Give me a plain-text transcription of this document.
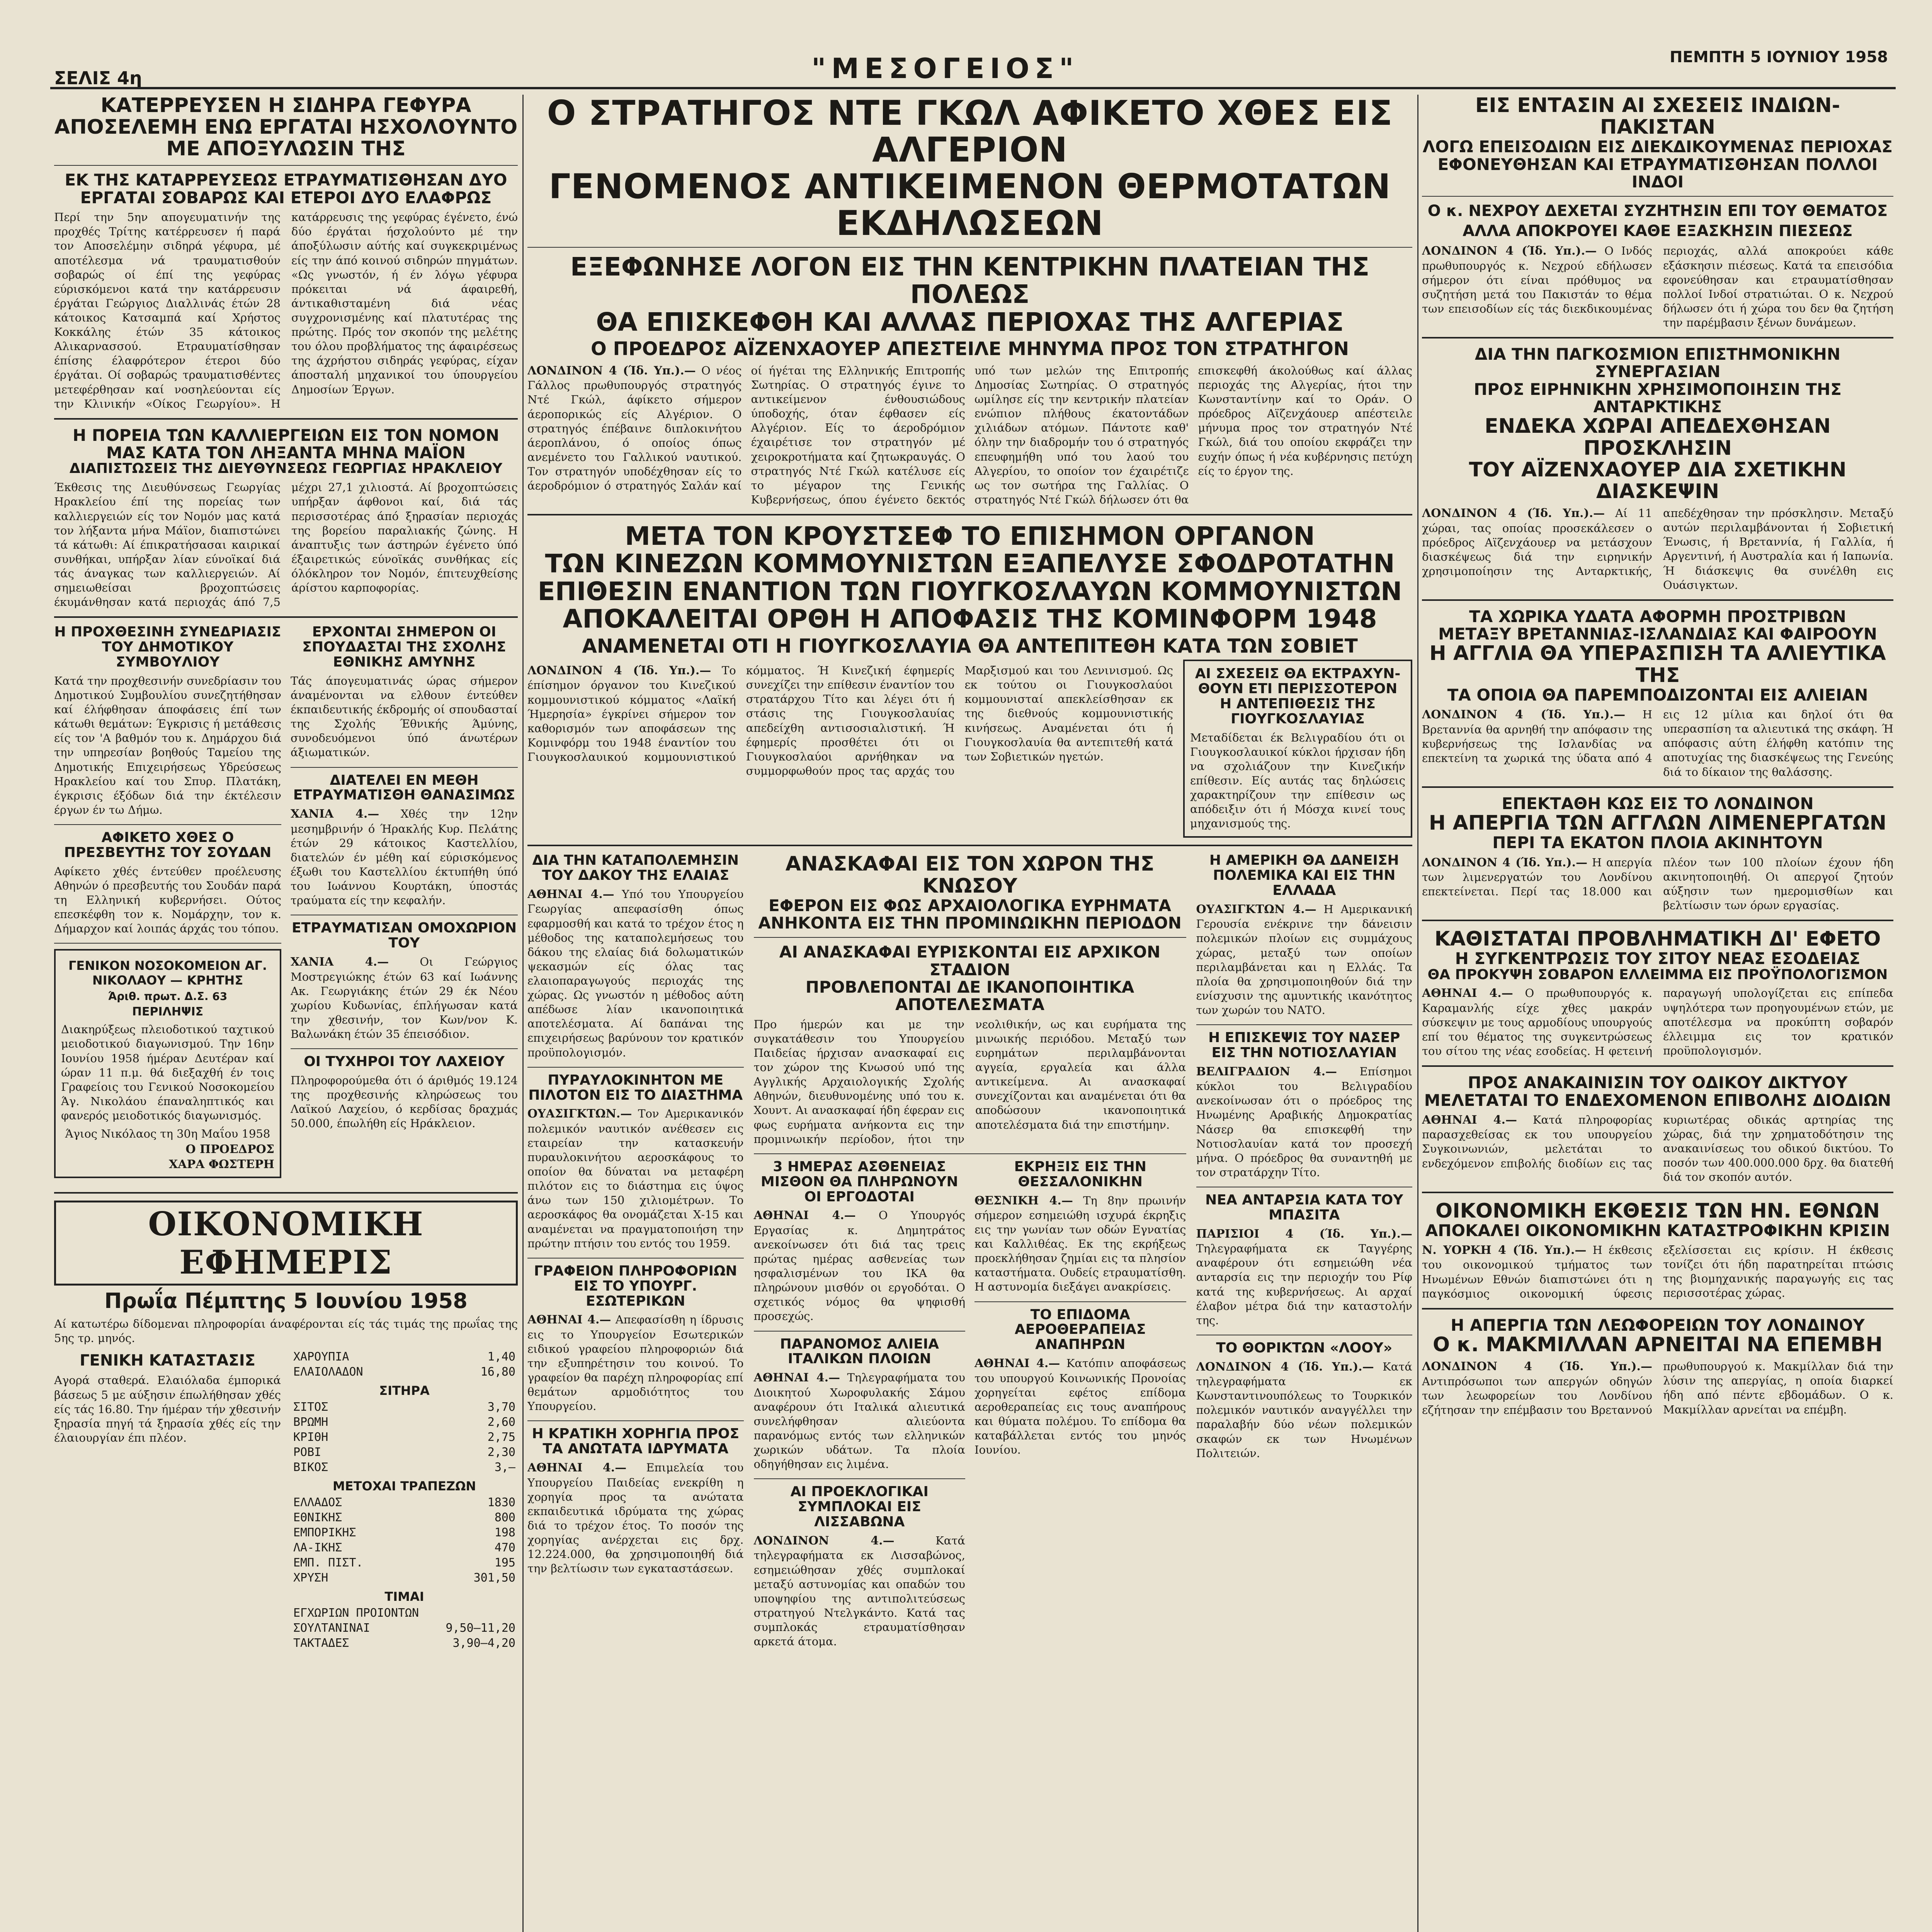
ΣΕΛΙΣ 4η	"ΜΕΣΟΓΕΙΟΣ"	ΠΕΜΠΤΗ 5 ΙΟΥΝΙΟΥ 1958
ΚΑΤΕΡΡΕΥΣΕΝ Η ΣΙΔΗΡΑ ΓΕΦΥΡΑ ΑΠΟΣΕΛΕΜΗ ΕΝΩ ΕΡΓΑΤΑΙ ΗΣΧΟΛΟΥΝΤΟ ΜΕ ΑΠΟΞΥΛΩΣΙΝ ΤΗΣ
ΕΚ ΤΗΣ ΚΑΤΑΡΡΕΥΣΕΩΣ ΕΤΡΑΥΜΑΤΙΣΘΗΣΑΝ ΔΥΟ ΕΡΓΑΤΑΙ ΣΟΒΑΡΩΣ ΚΑΙ ΕΤΕΡΟΙ ΔΥΟ ΕΛΑΦΡΩΣ
Περί την 5ην απογευματινήν της προχθές Τρίτης κατέρρευσεν ή παρά τον Αποσελέμην σιδηρά γέφυρα, μέ αποτέλεσμα νά τραυματισθούν σοβαρώς οί έπί της γεφύρας εύρισκόμενοι κατά την κατάρρευσιν έργάται Γεώργιος Διαλλινάς έτών 28 κάτοικος Κατσαμπά καί Χρήστος Κοκκάλης έτών 35 κάτοικος Αλικαρνασσού. Ετραυματίσθησαν έπίσης έλαφρότερον έτεροι δύο έργάται. Οί σοβαρώς τραυματισθέντες μετεφέρθησαν καί νοσηλεύονται είς την Κλινικήν «Οίκος Γεωργίου». Η κατάρρευσις της γεφύρας έγένετο, ένώ δύο έργάται ήσχολούντο μέ την άποξύλωσιν αύτής καί συγκεκριμένως είς την άπό κοινού σιδηρών πηγμάτων. «Ως γνωστόν, ή έν λόγω γέφυρα πρόκειται νά άφαιρεθή, άντικαθισταμένη διά νέας συγχρονισμένης καί πλατυτέρας της πρώτης. Πρός τον σκοπόν της μελέτης του όλου προβλήματος της άφαιρέσεως της άχρήστου σιδηράς γεφύρας, είχαν άποσταλή μηχανικοί του ύπουργείου Δημοσίων Έργων.
Η ΠΟΡΕΙΑ ΤΩΝ ΚΑΛΛΙΕΡΓΕΙΩΝ ΕΙΣ ΤΟΝ ΝΟΜΟΝ ΜΑΣ ΚΑΤΑ ΤΟΝ ΛΗΞΑΝΤΑ ΜΗΝΑ ΜΑΪΟΝ
ΔΙΑΠΙΣΤΩΣΕΙΣ ΤΗΣ ΔΙΕΥΘΥΝΣΕΩΣ ΓΕΩΡΓΙΑΣ ΗΡΑΚΛΕΙΟΥ
Έκθεσις της Διευθύνσεως Γεωργίας Ηρακλείου έπί της πορείας των καλλιεργειών είς τον Νομόν μας κατά τον λήξαντα μήνα Μάϊον, διαπιστώνει τά κάτωθι: Αί έπικρατήσασαι καιρικαί συνθήκαι, υπήρξαν λίαν εύνοϊκαί διά τάς άναγκας των καλλιεργειών. Αί σημειωθείσαι βροχοπτώσεις έκυμάνθησαν κατά περιοχάς άπό 7,5 μέχρι 27,1 χιλιοστά. Αί βροχοπτώσεις υπήρξαν άφθονοι καί, διά τάς περισσοτέρας άπό ξηρασίαν περιοχάς της βορείου παραλιακής ζώνης. Η άναπτυξις των άστηρών έγένετο ύπό έξαιρετικώς εύνοϊκάς συνθήκας είς όλόκληρον τον Νομόν, έπιτευχθείσης άρίστου καρποφορίας.
Η ΠΡΟΧΘΕΣΙΝΗ ΣΥΝΕΔΡΙΑΣΙΣ ΤΟΥ ΔΗΜΟΤΙΚΟΥ ΣΥΜΒΟΥΛΙΟΥ
Κατά την προχθεσινήν συνεδρίασιν του Δημοτικού Συμβουλίου συνεζητήθησαν καί έλήφθησαν άποφάσεις έπί των κάτωθι θεμάτων: Έγκρισις ή μετάθεσις είς τον 'Α βαθμόν του κ. Δημάρχου διά την υπηρεσίαν βοηθούς Ταμείου της Δημοτικής Επιχειρήσεως Υδρεύσεως Ηρακλείου καί του Σπυρ. Πλατάκη, έγκρισις έξόδων διά την έκτέλεσιν έργων έν τω Δήμω.
ΑΦΙΚΕΤΟ ΧΘΕΣ Ο ΠΡΕΣΒΕΥΤΗΣ ΤΟΥ ΣΟΥΔΑΝ
Αφίκετο χθές έντεύθεν προέλευσης Αθηνών ό πρεσβευτής του Σουδάν παρά τη Ελληνική κυβερνήσει. Ούτος επεσκέφθη τον κ. Νομάρχην, τον κ. Δήμαρχον καί λοιπάς άρχάς του τόπου.
ΓΕΝΙΚΟΝ ΝΟΣΟΚΟΜΕΙΟΝ ΑΓ. ΝΙΚΟΛΑΟΥ — ΚΡΗΤΗΣ
Άριθ. πρωτ. Δ.Σ. 63
ΠΕΡΙΛΗΨΙΣ
Διακηρύξεως πλειοδοτικού ταχτικού μειοδοτικού διαγωνισμού. Την 16ην Ιουνίου 1958 ήμέραν Δευτέραν καί ώραν 11 π.μ. θά διεξαχθή έν τοις Γραφείοις του Γενικού Νοσοκομείου Άγ. Νικολάου έπαναληπτικός και φανερός μειοδοτικός διαγωνισμός.
Άγιος Νικόλαος τη 30η Μαΐου 1958
Ο ΠΡΟΕΔΡΟΣ
ΧΑΡΑ ΦΩΣΤΕΡΗ
ΕΡΧΟΝΤΑΙ ΣΗΜΕΡΟΝ ΟΙ ΣΠΟΥΔΑΣΤΑΙ ΤΗΣ ΣΧΟΛΗΣ ΕΘΝΙΚΗΣ ΑΜΥΝΗΣ
Τάς άπογευματινάς ώρας σήμερον άναμένονται να ελθουν έντεύθεν έκπαιδευτικής έκδρομής οί σπουδασταί της Σχολής Έθνικής Άμύνης, συνοδευόμενοι ύπό άνωτέρων άξιωματικών.
ΔΙΑΤΕΛΕΙ ΕΝ ΜΕΘΗ ΕΤΡΑΥΜΑΤΙΣΘΗ ΘΑΝΑΣΙΜΩΣ
ΧΑΝΙΑ 4.— Χθές την 12ην μεσημβρινήν ό Ήρακλής Κυρ. Πελάτης έτών 29 κάτοικος Καστελλίου, διατελών έν μέθη καί εύρισκόμενος έξωθι του Καστελλίου έκτυπήθη ύπό του Ιωάννου Κουρτάκη, ύποστάς τραύματα είς την κεφαλήν.
ΕΤΡΑΥΜΑΤΙΣΑΝ ΟΜΟΧΩΡΙΟΝ ΤΟΥ
ΧΑΝΙΑ 4.—	Οι Γεώργιος Μοστρεγιώκης έτών 63 καί Ιωάννης Ακ. Γεωργιάκης έτών 29 έκ Νέου χωρίου Κυδωνίας, έπλήγωσαν κατά την χθεσινήν, τον Κων/νον Κ. Βαλωνάκη έτών 35 έπεισόδιον.
ΟΙ ΤΥΧΗΡΟΙ ΤΟΥ ΛΑΧΕΙΟΥ
Πληροφορούμεθα ότι ό άριθμός 19.124 της προχθεσινής κληρώσεως του Λαϊκού Λαχείου, ό κερδίσας δραχμάς 50.000, έπωλήθη είς Ηράκλειον.
ΟΙΚΟΝΟΜΙΚΗ ΕΦΗΜΕΡΙΣ
Πρωΐα Πέμπτης 5 Ιουνίου 1958
Αί κατωτέρω δίδομεναι πληροφορίαι άναφέρονται είς τάς τιμάς της πρωΐας της 5ης τρ. μηνός.
ΓΕΝΙΚΗ ΚΑΤΑΣΤΑΣΙΣ
Αγορά σταθερά. Ελαιόλαδα έμπορικά βάσεως 5 με αύξησιν έπωλήθησαν χθές είς τάς 16.80. Την ήμέραν τήν χθεσινήν ξηρασία πηγή τά ξηρασία χθές είς την έλαιουργίαν έπι πλέον.
ΧΑΡΟΥΠΙΑ	1,40
ΕΛΑΙΟΛΑΔΟΝ	16,80
ΣΙΤΗΡΑ
ΣΙΤΟΣ	3,70
ΒΡΩΜΗ	2,60
ΚΡΙΘΗ	2,75
ΡΟΒΙ	2,30
ΒΙΚΟΣ	3,—
ΜΕΤΟΧΑΙ ΤΡΑΠΕΖΩΝ
ΕΛΛΑΔΟΣ	1830
ΕΘΝΙΚΗΣ	800
ΕΜΠΟΡΙΚΗΣ	198
ΛΑ-ΙΚΗΣ	470
ΕΜΠ. ΠΙΣΤ.	195
ΧΡΥΣΗ	301,50
ΤΙΜΑΙ
ΕΓΧΩΡΙΩΝ ΠΡΟΙΟΝΤΩΝ	
ΣΟΥΛΤΑΝΙΝΑΙ	9,50—11,20
ΤΑΚΤΑΔΕΣ	3,90—4,20
Ο ΣΤΡΑΤΗΓΟΣ ΝΤΕ ΓΚΩΛ ΑΦΙΚΕΤΟ ΧΘΕΣ ΕΙΣ ΑΛΓΕΡΙΟΝ
ΓΕΝΟΜΕΝΟΣ ΑΝΤΙΚΕΙΜΕΝΟΝ ΘΕΡΜΟΤΑΤΩΝ ΕΚΔΗΛΩΣΕΩΝ
ΕΞΕΦΩΝΗΣΕ ΛΟΓΟΝ ΕΙΣ ΤΗΝ ΚΕΝΤΡΙΚΗΝ ΠΛΑΤΕΙΑΝ ΤΗΣ ΠΟΛΕΩΣ
ΘΑ ΕΠΙΣΚΕΦΘΗ ΚΑΙ ΑΛΛΑΣ ΠΕΡΙΟΧΑΣ ΤΗΣ ΑΛΓΕΡΙΑΣ
Ο ΠΡΟΕΔΡΟΣ ΑΪΖΕΝΧΑΟΥΕΡ ΑΠΕΣΤΕΙΛΕ ΜΗΝΥΜΑ ΠΡΟΣ ΤΟΝ ΣΤΡΑΤΗΓΟΝ
ΛΟΝΔΙΝΟΝ 4 (Ίδ. Υπ.).— Ο νέος Γάλλος πρωθυπουργός στρατηγός Ντέ Γκώλ, άφίκετο σήμερον άεροπορικώς είς Αλγέριον. Ο στρατηγός έπέβαινε διπλοκινήτου άεροπλάνου, ό οποίος όπως ανεμένετο του Γαλλικού ναυτικού. Τον στρατηγόν υποδέχθησαν είς το άεροδρόμιον ό στρατηγός Σαλάν καί οί ήγέται της Ελληνικής Επιτροπής Σωτηρίας. Ο στρατηγός έγινε το αντικείμενον ένθουσιώδους ύποδοχής, όταν έφθασεν είς Αλγέριον. Είς το άεροδρόμιον έχαιρέτισε τον στρατηγόν μέ χειροκροτήματα καί ζητωκραυγάς. Ο στρατηγός Ντέ Γκώλ κατέλυσε είς το μέγαρον της Γενικής Κυβερνήσεως, όπου έγένετο δεκτός υπό των μελών της Επιτροπής Δημοσίας Σωτηρίας. Ο στρατηγός ωμίλησε είς την κεντρικήν πλατείαν ενώπιον πλήθους έκατοντάδων χιλιάδων ατόμων. Πάντοτε καθ' όλην την διαδρομήν του ό στρατηγός επευφημήθη υπό του λαού του Αλγερίου, το οποίον τον έχαιρέτιζε ως τον σωτήρα της Γαλλίας. Ο στρατηγός Ντέ Γκώλ δήλωσεν ότι θα επισκεφθή άκολούθως καί άλλας περιοχάς της Αλγερίας, ήτοι την Κωνσταντίνην καί το Οράν. Ο πρόεδρος Αϊζενχάουερ απέστειλε μήνυμα προς τον στρατηγόν Ντέ Γκώλ, διά του οποίου εκφράζει την ευχήν όπως ή νέα κυβέρνησις πετύχη είς το έργον της.
ΜΕΤΑ ΤΟΝ ΚΡΟΥΣΤΣΕΦ ΤΟ ΕΠΙΣΗΜΟΝ ΟΡΓΑΝΟΝ
ΤΩΝ ΚΙΝΕΖΩΝ ΚΟΜΜΟΥΝΙΣΤΩΝ ΕΞΑΠΕΛΥΣΕ ΣΦΟΔΡΟΤΑΤΗΝ
ΕΠΙΘΕΣΙΝ ΕΝΑΝΤΙΟΝ ΤΩΝ ΓΙΟΥΓΚΟΣΛΑΥΩΝ ΚΟΜΜΟΥΝΙΣΤΩΝ
ΑΠΟΚΑΛΕΙΤΑΙ ΟΡΘΗ Η ΑΠΟΦΑΣΙΣ ΤΗΣ ΚΟΜΙΝΦΟΡΜ 1948
ΑΝΑΜΕΝΕΤΑΙ ΟΤΙ Η ΓΙΟΥΓΚΟΣΛΑΥΙΑ ΘΑ ΑΝΤΕΠΙΤΕΘΗ ΚΑΤΑ ΤΩΝ ΣΟΒΙΕΤ
ΛΟΝΔΙΝΟΝ 4 (Ίδ. Υπ.).— Το έπίσημον όργανον του Κινεζικού κομμουνιστικού κόμματος «Λαϊκή Ήμερησία» έγκρίνει σήμερον τον καθορισμόν των αποφάσεων της Κομινφόρμ του 1948 έναντίον του Γιουγκοσλαυικού κομμουνιστικού κόμματος. Ή Κινεζική έφημερίς συνεχίζει την επίθεσιν έναντίον του στρατάρχου Τίτο και λέγει ότι ή στάσις της Γιουγκοσλαυίας απεδείχθη αντισοσιαλιστική. Ή έφημερίς προσθέτει ότι οι Γιουγκοσλαύοι αρνήθηκαν να συμμορφωθούν προς τας αρχάς του Μαρξισμού και του Λενινισμού. Ως εκ τούτου οι Γιουγκοσλαύοι κομμουνισταί απεκλείσθησαν εκ της διεθνούς κομμουνιστικής κινήσεως. Αναμένεται ότι ή Γιουγκοσλαυία θα αντεπιτεθή κατά των Σοβιετικών ηγετών.
ΑΙ ΣΧΕΣΕΙΣ ΘΑ ΕΚΤΡΑΧΥΝ- ΘΟΥΝ ΕΤΙ ΠΕΡΙΣΣΟΤΕΡΟΝ
Η ΑΝΤΕΠΙΘΕΣΙΣ ΤΗΣ ΓΙΟΥΓΚΟΣΛΑΥΙΑΣ
Μεταδίδεται έκ Βελιγραδίου ότι οι Γιουγκοσλαυικοί κύκλοι ήρχισαν ήδη να σχολιάζουν την Κινεζικήν επίθεσιν. Είς αυτάς τας δηλώσεις χαρακτηρίζουν την επίθεσιν ως απόδειξιν ότι ή Μόσχα κινεί τους μηχανισμούς της.
ΔΙΑ ΤΗΝ ΚΑΤΑΠΟΛΕΜΗΣΙΝ ΤΟΥ ΔΑΚΟΥ ΤΗΣ ΕΛΑΙΑΣ
ΑΘΗΝΑΙ 4.— Υπό του Υπουργείου Γεωργίας απεφασίσθη όπως εφαρμοσθή και κατά το τρέχον έτος η μέθοδος της καταπολεμήσεως του δάκου της ελαίας διά δολωματικών ψεκασμών είς όλας τας ελαιοπαραγωγούς περιοχάς της χώρας. Ως γνωστόν η μέθοδος αύτη απέδωσε λίαν ικανοποιητικά αποτελέσματα. Αί δαπάναι της επιχειρήσεως βαρύνουν τον κρατικόν προϋπολογισμόν.
ΠΥΡΑΥΛΟΚΙΝΗΤΟΝ ΜΕ ΠΙΛΟΤΟΝ ΕΙΣ ΤΟ ΔΙΑΣΤΗΜΑ
ΟΥΑΣΙΓΚΤΩΝ.— Τον Αμερικανικόν πολεμικόν ναυτικόν ανέθεσεν εις εταιρείαν την κατασκευήν πυραυλοκινήτου αεροσκάφους το οποίον θα δύναται να μεταφέρη πιλότον εις το διάστημα εις ύψος άνω των 150 χιλιομέτρων. Το αεροσκάφος θα ονομάζεται Χ-15 και αναμένεται να πραγματοποιήση την πρώτην πτήσιν του εντός του 1959.
ΓΡΑΦΕΙΟΝ ΠΛΗΡΟΦΟΡΙΩΝ ΕΙΣ ΤΟ ΥΠΟΥΡΓ. ΕΣΩΤΕΡΙΚΩΝ
ΑΘΗΝΑΙ 4.— Απεφασίσθη η ίδρυσις εις το Υπουργείον Εσωτερικών ειδικού γραφείου πληροφοριών διά την εξυπηρέτησιν του κοινού. Το γραφείον θα παρέχη πληροφορίας επί θεμάτων αρμοδιότητος του Υπουργείου.
Η ΚΡΑΤΙΚΗ ΧΟΡΗΓΙΑ ΠΡΟΣ ΤΑ ΑΝΩΤΑΤΑ ΙΔΡΥΜΑΤΑ
ΑΘΗΝΑΙ 4.— Επιμελεία του Υπουργείου Παιδείας ενεκρίθη η χορηγία προς τα ανώτατα εκπαιδευτικά ιδρύματα της χώρας διά το τρέχον έτος. Το ποσόν της χορηγίας ανέρχεται εις δρχ. 12.224.000, θα χρησιμοποιηθή διά την βελτίωσιν των εγκαταστάσεων.
ΑΝΑΣΚΑΦΑΙ ΕΙΣ ΤΟΝ ΧΩΡΟΝ ΤΗΣ ΚΝΩΣΟΥ
ΕΦΕΡΟΝ ΕΙΣ ΦΩΣ ΑΡΧΑΙΟΛΟΓΙΚΑ ΕΥΡΗΜΑΤΑ
ΑΝΗΚΟΝΤΑ ΕΙΣ ΤΗΝ ΠΡΟΜΙΝΩΙΚΗΝ ΠΕΡΙΟΔΟΝ
ΑΙ ΑΝΑΣΚΑΦΑΙ ΕΥΡΙΣΚΟΝΤΑΙ ΕΙΣ ΑΡΧΙΚΟΝ ΣΤΑΔΙΟΝ
ΠΡΟΒΛΕΠΟΝΤΑΙ ΔΕ ΙΚΑΝΟΠΟΙΗΤΙΚΑ ΑΠΟΤΕΛΕΣΜΑΤΑ
Προ ήμερών και με την συγκατάθεσιν του Υπουργείου Παιδείας ήρχισαν ανασκαφαί εις τον χώρον της Κνωσού υπό της Αγγλικής Αρχαιολογικής Σχολής Αθηνών, διευθυνομένης υπό του κ. Χουντ. Αι ανασκαφαί ήδη έφεραν εις φως ευρήματα ανήκοντα εις την προμινωικήν περίοδον, ήτοι την νεολιθικήν, ως και ευρήματα της μινωικής περιόδου. Μεταξύ των ευρημάτων περιλαμβάνονται αγγεία, εργαλεία και άλλα αντικείμενα. Αι ανασκαφαί συνεχίζονται και αναμένεται ότι θα αποδώσουν ικανοποιητικά αποτελέσματα διά την επιστήμην.
3 ΗΜΕΡΑΣ ΑΣΘΕΝΕΙΑΣ ΜΙΣΘΟΝ ΘΑ ΠΛΗΡΩΝΟΥΝ ΟΙ ΕΡΓΟΔΟΤΑΙ
ΑΘΗΝΑΙ 4.— Ο Υπουργός Εργασίας κ. Δημητράτος ανεκοίνωσεν ότι διά τας τρεις πρώτας ημέρας ασθενείας των ησφαλισμένων του ΙΚΑ θα πληρώνουν μισθόν οι εργοδόται. Ο σχετικός νόμος θα ψηφισθή προσεχώς.
ΠΑΡΑΝΟΜΟΣ ΑΛΙΕΙΑ ΙΤΑΛΙΚΩΝ ΠΛΟΙΩΝ
ΑΘΗΝΑΙ 4.— Τηλεγραφήματα του Διοικητού Χωροφυλακής Σάμου αναφέρουν ότι Ιταλικά αλιευτικά συνελήφθησαν αλιεύοντα παρανόμως εντός των ελληνικών χωρικών υδάτων. Τα πλοία οδηγήθησαν εις λιμένα.
ΑΙ ΠΡΟΕΚΛΟΓΙΚΑΙ ΣΥΜΠΛΟΚΑΙ ΕΙΣ ΛΙΣΣΑΒΩΝΑ
ΛΟΝΔΙΝΟΝ 4.—	Κατά τηλεγραφήματα εκ Λισσαβώνος, εσημειώθησαν χθές συμπλοκαί μεταξύ αστυνομίας και οπαδών του υποψηφίου της αντιπολιτεύσεως στρατηγού Ντελγκάντο. Κατά τας συμπλοκάς ετραυματίσθησαν αρκετά άτομα.
ΕΚΡΗΞΙΣ ΕΙΣ ΤΗΝ ΘΕΣΣΑΛΟΝΙΚΗΝ
ΘΕΣΝΙΚΗ 4.— Τη 8ην πρωινήν σήμερον εσημειώθη ισχυρά έκρηξις εις την γωνίαν των οδών Εγνατίας και Καλλιθέας. Εκ της εκρήξεως προεκλήθησαν ζημίαι εις τα πλησίον καταστήματα. Ουδείς ετραυματίσθη. Η αστυνομία διεξάγει ανακρίσεις.
ΤΟ ΕΠΙΔΟΜΑ ΑΕΡΟΘΕΡΑΠΕΙΑΣ ΑΝΑΠΗΡΩΝ
ΑΘΗΝΑΙ 4.— Κατόπιν αποφάσεως του υπουργού Κοινωνικής Προνοίας χορηγείται εφέτος επίδομα αεροθεραπείας εις τους αναπήρους και θύματα πολέμου. Το επίδομα θα καταβάλλεται εντός του μηνός Ιουνίου.
Η ΑΜΕΡΙΚΗ ΘΑ ΔΑΝΕΙΣΗ ΠΟΛΕΜΙΚΑ ΚΑΙ ΕΙΣ ΤΗΝ ΕΛΛΑΔΑ
ΟΥΑΣΙΓΚΤΩΝ 4.— Η Αμερικανική Γερουσία ενέκρινε την δάνεισιν πολεμικών πλοίων εις συμμάχους χώρας, μεταξύ των οποίων περιλαμβάνεται και η Ελλάς. Τα πλοία θα χρησιμοποιηθούν διά την ενίσχυσιν της αμυντικής ικανότητος των χωρών του ΝΑΤΟ.
Η ΕΠΙΣΚΕΨΙΣ ΤΟΥ ΝΑΣΕΡ ΕΙΣ ΤΗΝ ΝΟΤΙΟΣΛΑΥΙΑΝ
ΒΕΛΙΓΡΑΔΙΟΝ 4.— Επίσημοι κύκλοι του Βελιγραδίου ανεκοίνωσαν ότι ο πρόεδρος της Ηνωμένης Αραβικής Δημοκρατίας Νάσερ θα επισκεφθή την Νοτιοσλαυίαν κατά τον προσεχή μήνα. Ο πρόεδρος θα συναντηθή με τον στρατάρχην Τίτο.
ΝΕΑ ΑΝΤΑΡΣΙΑ ΚΑΤΑ ΤΟΥ ΜΠΑΣΙΤΑ
ΠΑΡΙΣΙΟΙ 4 (Ίδ. Υπ.).— Τηλεγραφήματα εκ Ταγγέρης αναφέρουν ότι εσημειώθη νέα ανταρσία εις την περιοχήν του Ρίφ κατά της κυβερνήσεως. Αι αρχαί έλαβον μέτρα διά την καταστολήν της.
ΤΟ ΘΟΡΙΚΤΩΝ «ΛΟΟΥ»
ΛΟΝΔΙΝΟΝ 4 (Ίδ. Υπ.).— Κατά τηλεγραφήματα εκ Κωνσταντινουπόλεως το Τουρκικόν πολεμικόν ναυτικόν αναγγέλλει την παραλαβήν δύο νέων πολεμικών σκαφών εκ των Ηνωμένων Πολιτειών.
ΕΙΣ ΕΝΤΑΣΙΝ ΑΙ ΣΧΕΣΕΙΣ ΙΝΔΙΩΝ-ΠΑΚΙΣΤΑΝ
ΛΟΓΩ ΕΠΕΙΣΟΔΙΩΝ ΕΙΣ ΔΙΕΚΔΙΚΟΥΜΕΝΑΣ ΠΕΡΙΟΧΑΣ
ΕΦΟΝΕΥΘΗΣΑΝ ΚΑΙ ΕΤΡΑΥΜΑΤΙΣΘΗΣΑΝ ΠΟΛΛΟΙ ΙΝΔΟΙ
Ο κ. ΝΕΧΡΟΥ ΔΕΧΕΤΑΙ ΣΥΖΗΤΗΣΙΝ ΕΠΙ ΤΟΥ ΘΕΜΑΤΟΣ
ΑΛΛΑ ΑΠΟΚΡΟΥΕΙ ΚΑΘΕ ΕΞΑΣΚΗΣΙΝ ΠΙΕΣΕΩΣ
ΛΟΝΔΙΝΟΝ 4 (Ίδ. Υπ.).— Ο Ινδός πρωθυπουργός κ. Νεχρού εδήλωσεν σήμερον ότι είναι πρόθυμος να συζητήση μετά του Πακιστάν το θέμα των επεισοδίων είς τάς διεκδικουμένας περιοχάς, αλλά αποκρούει κάθε εξάσκησιν πιέσεως. Κατά τα επεισόδια εφονεύθησαν και ετραυματίσθησαν πολλοί Ινδοί στρατιώται. Ο κ. Νεχρού δήλωσεν ότι ή χώρα του δεν θα ζητήση την παρέμβασιν ξένων δυνάμεων.
ΔΙΑ ΤΗΝ ΠΑΓΚΟΣΜΙΟΝ ΕΠΙΣΤΗΜΟΝΙΚΗΝ ΣΥΝΕΡΓΑΣΙΑΝ
ΠΡΟΣ ΕΙΡΗΝΙΚΗΝ ΧΡΗΣΙΜΟΠΟΙΗΣΙΝ ΤΗΣ ΑΝΤΑΡΚΤΙΚΗΣ
ΕΝΔΕΚΑ ΧΩΡΑΙ ΑΠΕΔΕΧΘΗΣΑΝ ΠΡΟΣΚΛΗΣΙΝ
ΤΟΥ ΑΪΖΕΝΧΑΟΥΕΡ ΔΙΑ ΣΧΕΤΙΚΗΝ ΔΙΑΣΚΕΨΙΝ
ΛΟΝΔΙΝΟΝ 4 (Ίδ. Υπ.).— Αί 11 χώραι, τας οποίας προσεκάλεσεν ο πρόεδρος Αϊζενχάουερ να μετάσχουν διασκέψεως διά την ειρηνικήν χρησιμοποίησιν της Ανταρκτικής, απεδέχθησαν την πρόσκλησιν. Μεταξύ αυτών περιλαμβάνονται ή Σοβιετική Ένωσις, ή Βρεταννία, ή Γαλλία, ή Αργεντινή, ή Αυστραλία και ή Ιαπωνία. Ή διάσκεψις θα συνέλθη εις Ουάσιγκτων.
ΤΑ ΧΩΡΙΚΑ ΥΔΑΤΑ ΑΦΟΡΜΗ ΠΡΟΣΤΡΙΒΩΝ
ΜΕΤΑΞΥ ΒΡΕΤΑΝΝΙΑΣ-ΙΣΛΑΝΔΙΑΣ ΚΑΙ ΦΑΙΡΟΟΥΝ
Η ΑΓΓΛΙΑ ΘΑ ΥΠΕΡΑΣΠΙΣΗ ΤΑ ΑΛΙΕΥΤΙΚΑ ΤΗΣ
ΤΑ ΟΠΟΙΑ ΘΑ ΠΑΡΕΜΠΟΔΙΖΟΝΤΑΙ ΕΙΣ ΑΛΙΕΙΑΝ
ΛΟΝΔΙΝΟΝ 4 (Ίδ. Υπ.).— Η Βρεταννία θα αρνηθή την απόφασιν της κυβερνήσεως της Ισλανδίας να επεκτείνη τα χωρικά της ύδατα από 4 εις 12 μίλια και δηλοί ότι θα υπερασπίση τα αλιευτικά της σκάφη. Ή απόφασις αύτη έλήφθη κατόπιν της αποτυχίας της διασκέψεως της Γενεύης διά το δίκαιον της θαλάσσης.
ΕΠΕΚΤΑΘΗ ΚΩΣ ΕΙΣ ΤΟ ΛΟΝΔΙΝΟΝ
Η ΑΠΕΡΓΙΑ ΤΩΝ ΑΓΓΛΩΝ ΛΙΜΕΝΕΡΓΑΤΩΝ
ΠΕΡΙ ΤΑ ΕΚΑΤΟΝ ΠΛΟΙΑ ΑΚΙΝΗΤΟΥΝ
ΛΟΝΔΙΝΟΝ 4 (Ίδ. Υπ.).— Η απεργία των λιμενεργατών του Λονδίνου επεκτείνεται. Περί τας 18.000 και πλέον των 100 πλοίων έχουν ήδη ακινητοποιηθή. Οι απεργοί ζητούν αύξησιν των ημερομισθίων και βελτίωσιν των όρων εργασίας.
ΚΑΘΙΣΤΑΤΑΙ ΠΡΟΒΛΗΜΑΤΙΚΗ ΔΙ' ΕΦΕΤΟ
Η ΣΥΓΚΕΝΤΡΩΣΙΣ ΤΟΥ ΣΙΤΟΥ ΝΕΑΣ ΕΣΟΔΕΙΑΣ
ΘΑ ΠΡΟΚΥΨΗ ΣΟΒΑΡΟΝ ΕΛΛΕΙΜΜΑ ΕΙΣ ΠΡΟΫΠΟΛΟΓΙΣΜΟΝ
ΑΘΗΝΑΙ 4.— Ο πρωθυπουργός κ. Καραμανλής είχε χθες μακράν σύσκεψιν με τους αρμοδίους υπουργούς επί του θέματος της συγκεντρώσεως του σίτου της νέας εσοδείας. Η φετεινή παραγωγή υπολογίζεται εις επίπεδα υψηλότερα των προηγουμένων ετών, με αποτέλεσμα να προκύπτη σοβαρόν έλλειμμα εις τον κρατικόν προϋπολογισμόν.
ΠΡΟΣ ΑΝΑΚΑΙΝΙΣΙΝ ΤΟΥ ΟΔΙΚΟΥ ΔΙΚΤΥΟΥ
ΜΕΛΕΤΑΤΑΙ ΤΟ ΕΝΔΕΧΟΜΕΝΟΝ ΕΠΙΒΟΛΗΣ ΔΙΟΔΙΩΝ
ΑΘΗΝΑΙ 4.— Κατά πληροφορίας παρασχεθείσας εκ του υπουργείου Συγκοινωνιών, μελετάται το ενδεχόμενον επιβολής διοδίων εις τας κυριωτέρας οδικάς αρτηρίας της χώρας, διά την χρηματοδότησιν της ανακαινίσεως του οδικού δικτύου. Το ποσόν των 400.000.000 δρχ. θα διατεθή διά τον σκοπόν αυτόν.
ΟΙΚΟΝΟΜΙΚΗ ΕΚΘΕΣΙΣ ΤΩΝ ΗΝ. ΕΘΝΩΝ
ΑΠΟΚΑΛΕΙ ΟΙΚΟΝΟΜΙΚΗΝ ΚΑΤΑΣΤΡΟΦΙΚΗΝ ΚΡΙΣΙΝ
Ν. ΥΟΡΚΗ 4 (Ίδ. Υπ.).— Η έκθεσις του οικονομικού τμήματος των Ηνωμένων Εθνών διαπιστώνει ότι η παγκόσμιος οικονομική ύφεσις εξελίσσεται εις κρίσιν. Η έκθεσις τονίζει ότι ήδη παρατηρείται πτώσις της βιομηχανικής παραγωγής εις τας περισσοτέρας χώρας.
Η ΑΠΕΡΓΙΑ ΤΩΝ ΛΕΩΦΟΡΕΙΩΝ ΤΟΥ ΛΟΝΔΙΝΟΥ
Ο κ. ΜΑΚΜΙΛΛΑΝ ΑΡΝΕΙΤΑΙ ΝΑ ΕΠΕΜΒΗ
ΛΟΝΔΙΝΟΝ 4 (Ίδ. Υπ.).— Αντιπρόσωποι των απεργών οδηγών των λεωφορείων του Λονδίνου εζήτησαν την επέμβασιν του Βρεταννού πρωθυπουργού κ. Μακμίλλαν διά την λύσιν της απεργίας, η οποία διαρκεί ήδη από πέντε εβδομάδων. Ο κ. Μακμίλλαν αρνείται να επέμβη.
